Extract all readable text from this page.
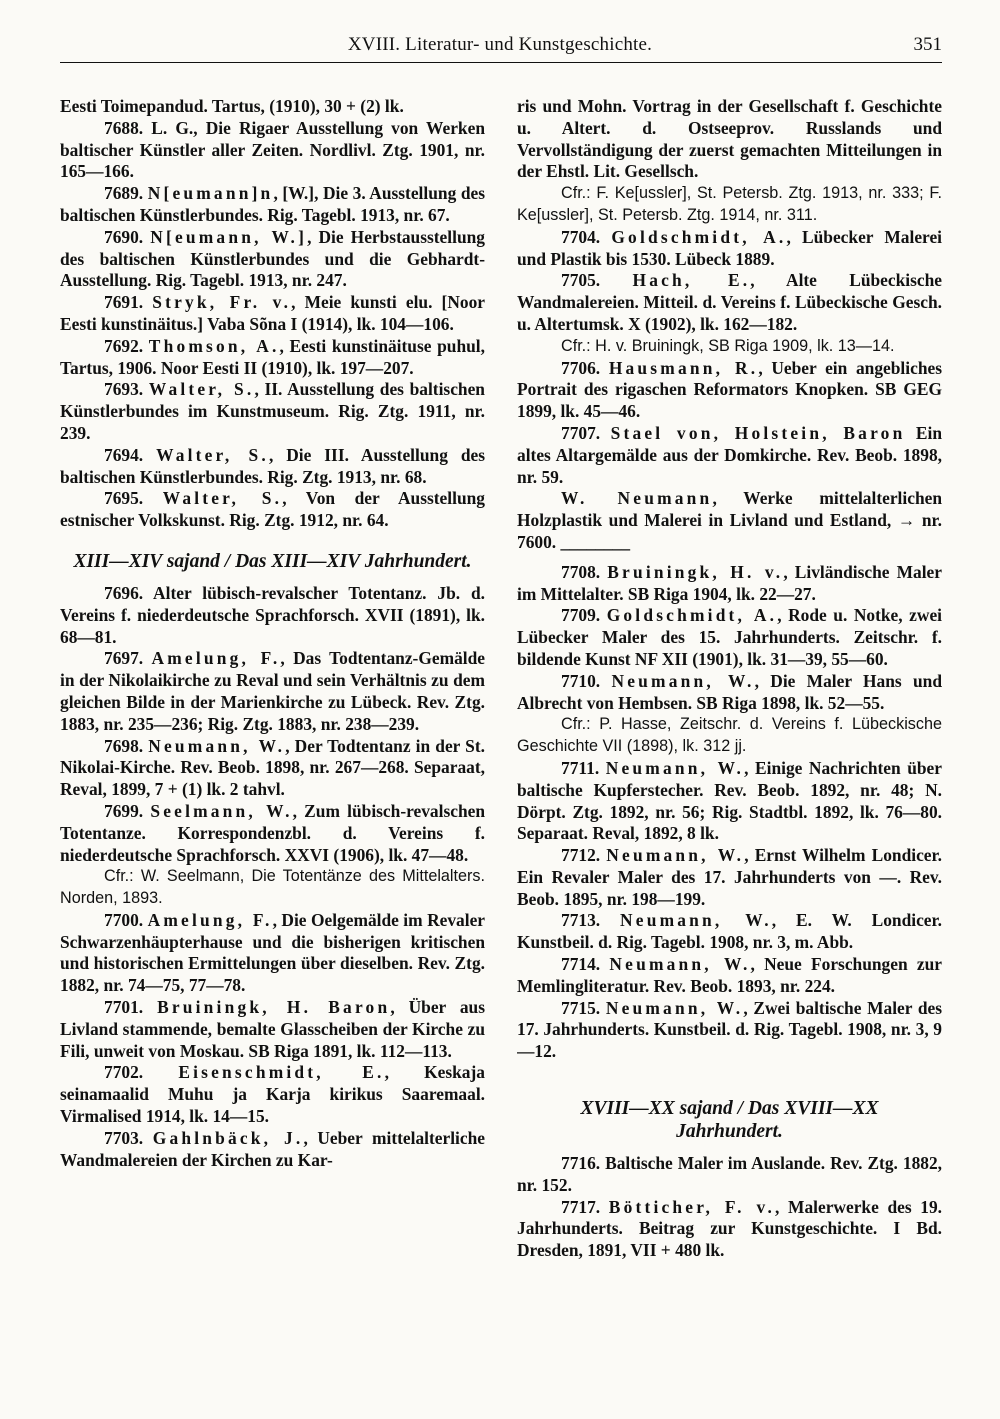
XVIII. Literatur- und Kunstgeschichte.	351

Eesti Toimepandud. Tartus, (1910), 30 + (2) lk.

7688. L. G., Die Rigaer Ausstellung von Werken baltischer Künstler aller Zeiten. Nordlivl. Ztg. 1901, nr. 165—166.

7689. N[eumann]n, [W.], Die 3. Ausstellung des baltischen Künstlerbundes. Rig. Tagebl. 1913, nr. 67.

7690. N[eumann, W.], Die Herbstausstellung des baltischen Künstlerbundes und die Gebhardt-Ausstellung. Rig. Tagebl. 1913, nr. 247.

7691. Stryk, Fr. v., Meie kunsti elu. [Noor Eesti kunstinäitus.] Vaba Sõna I (1914), lk. 104—106.

7692. Thomson, A., Eesti kunstinäituse puhul, Tartus, 1906. Noor Eesti II (1910), lk. 197—207.

7693. Walter, S., II. Ausstellung des baltischen Künstlerbundes im Kunstmuseum. Rig. Ztg. 1911, nr. 239.

7694. Walter, S., Die III. Ausstellung des baltischen Künstlerbundes. Rig. Ztg. 1913, nr. 68.

7695. Walter, S., Von der Ausstellung estnischer Volkskunst. Rig. Ztg. 1912, nr. 64.

XIII—XIV sajand / Das XIII—XIV Jahrhundert.

7696. Alter lübisch-revalscher Totentanz. Jb. d. Vereins f. niederdeutsche Sprachforsch. XVII (1891), lk. 68—81.

7697. Amelung, F., Das Todtentanz-Gemälde in der Nikolaikirche zu Reval und sein Verhältnis zu dem gleichen Bilde in der Marienkirche zu Lübeck. Rev. Ztg. 1883, nr. 235—236; Rig. Ztg. 1883, nr. 238—239.

7698. Neumann, W., Der Todtentanz in der St. Nikolai-Kirche. Rev. Beob. 1898, nr. 267—268. Separaat, Reval, 1899, 7 + (1) lk. 2 tahvl.

7699. Seelmann, W., Zum lübisch-revalschen Totentanze. Korrespondenzbl. d. Vereins f. niederdeutsche Sprachforsch. XXVI (1906), lk. 47—48.

Cfr.: W. Seelmann, Die Totentänze des Mittelalters. Norden, 1893.

7700. Amelung, F., Die Oelgemälde im Revaler Schwarzenhäupterhause und die bisherigen kritischen und historischen Ermittelungen über dieselben. Rev. Ztg. 1882, nr. 74—75, 77—78.

7701. Bruiningk, H. Baron, Über aus Livland stammende, bemalte Glasscheiben der Kirche zu Fili, unweit von Moskau. SB Riga 1891, lk. 112—113.

7702. Eisenschmidt, E., Keskaja seinamaalid Muhu ja Karja kirikus Saaremaal. Virmalised 1914, lk. 14—15.

7703. Gahlnbäck, J., Ueber mittelalterliche Wandmalereien der Kirchen zu Kar-

ris und Mohn. Vortrag in der Gesellschaft f. Geschichte u. Altert. d. Ostseeprov. Russlands und Vervollständigung der zuerst gemachten Mitteilungen in der Ehstl. Lit. Gesellsch.

Cfr.: F. Ke[ussler], St. Petersb. Ztg. 1913, nr. 333; F. Ke[ussler], St. Petersb. Ztg. 1914, nr. 311.

7704. Goldschmidt, A., Lübecker Malerei und Plastik bis 1530. Lübeck 1889.

7705. Hach, E., Alte Lübeckische Wandmalereien. Mitteil. d. Vereins f. Lübeckische Gesch. u. Altertumsk. X (1902), lk. 162—182.

Cfr.: H. v. Bruiningk, SB Riga 1909, lk. 13—14.

7706. Hausmann, R., Ueber ein angebliches Portrait des rigaschen Reformators Knopken. SB GEG 1899, lk. 45—46.

7707. Stael von, Holstein, Baron Ein altes Altargemälde aus der Domkirche. Rev. Beob. 1898, nr. 59.

W. Neumann, Werke mittelalterlichen Holzplastik und Malerei in Livland und Estland, → nr. 7600. ________

7708. Bruiningk, H. v., Livländische Maler im Mittelalter. SB Riga 1904, lk. 22—27.

7709. Goldschmidt, A., Rode u. Notke, zwei Lübecker Maler des 15. Jahrhunderts. Zeitschr. f. bildende Kunst NF XII (1901), lk. 31—39, 55—60.

7710. Neumann, W., Die Maler Hans und Albrecht von Hembsen. SB Riga 1898, lk. 52—55.

Cfr.: P. Hasse, Zeitschr. d. Vereins f. Lübeckische Geschichte VII (1898), lk. 312 jj.

7711. Neumann, W., Einige Nachrichten über baltische Kupferstecher. Rev. Beob. 1892, nr. 48; N. Dörpt. Ztg. 1892, nr. 56; Rig. Stadtbl. 1892, lk. 76—80. Separaat. Reval, 1892, 8 lk.

7712. Neumann, W., Ernst Wilhelm Londicer. Ein Revaler Maler des 17. Jahrhunderts von —. Rev. Beob. 1895, nr. 198—199.

7713. Neumann, W., E. W. Londicer. Kunstbeil. d. Rig. Tagebl. 1908, nr. 3, m. Abb.

7714. Neumann, W., Neue Forschungen zur Memlingliteratur. Rev. Beob. 1893, nr. 224.

7715. Neumann, W., Zwei baltische Maler des 17. Jahrhunderts. Kunstbeil. d. Rig. Tagebl. 1908, nr. 3, 9—12.

XVIII—XX sajand / Das XVIII—XX Jahrhundert.

7716. Baltische Maler im Auslande. Rev. Ztg. 1882, nr. 152.

7717. Bötticher, F. v., Malerwerke des 19. Jahrhunderts. Beitrag zur Kunstgeschichte. I Bd. Dresden, 1891, VII + 480 lk.
